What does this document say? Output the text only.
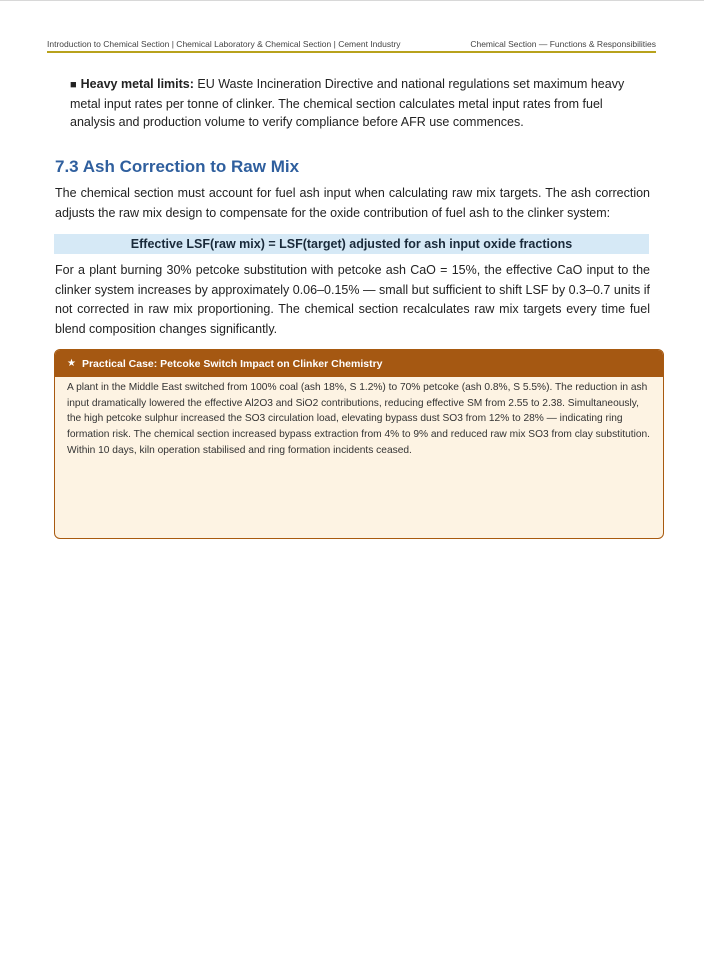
Introduction to Chemical Section | Chemical Laboratory & Chemical Section | Cement Industry	Chemical Section — Functions & Responsibilities
■ Heavy metal limits: EU Waste Incineration Directive and national regulations set maximum heavy metal input rates per tonne of clinker. The chemical section calculates metal input rates from fuel analysis and production volume to verify compliance before AFR use commences.
7.3 Ash Correction to Raw Mix
The chemical section must account for fuel ash input when calculating raw mix targets. The ash correction adjusts the raw mix design to compensate for the oxide contribution of fuel ash to the clinker system:
Effective LSF(raw mix) = LSF(target) adjusted for ash input oxide fractions
For a plant burning 30% petcoke substitution with petcoke ash CaO = 15%, the effective CaO input to the clinker system increases by approximately 0.06–0.15% — small but sufficient to shift LSF by 0.3–0.7 units if not corrected in raw mix proportioning. The chemical section recalculates raw mix targets every time fuel blend composition changes significantly.
★ Practical Case: Petcoke Switch Impact on Clinker Chemistry
A plant in the Middle East switched from 100% coal (ash 18%, S 1.2%) to 70% petcoke (ash 0.8%, S 5.5%). The reduction in ash input dramatically lowered the effective Al2O3 and SiO2 contributions, reducing effective SM from 2.55 to 2.38. Simultaneously, the high petcoke sulphur increased the SO3 circulation load, elevating bypass dust SO3 from 12% to 28% — indicating ring formation risk. The chemical section increased bypass extraction from 4% to 9% and reduced raw mix SO3 from clay substitution. Within 10 days, kiln operation stabilised and ring formation incidents ceased.
